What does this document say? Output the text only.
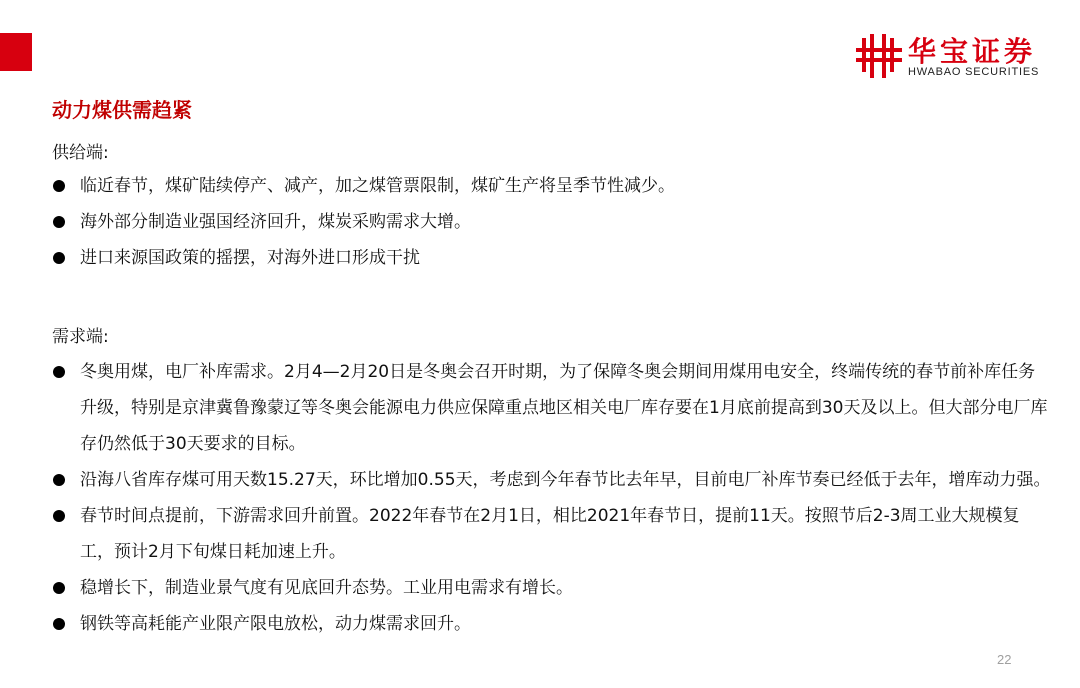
华宝证券
HWABAO SECURITIES
动力煤供需趋紧
供给端:
临近春节，煤矿陆续停产、减产，加之煤管票限制，煤矿生产将呈季节性减少。
海外部分制造业强国经济回升，煤炭采购需求大增。
进口来源国政策的摇摆，对海外进口形成干扰
需求端:
冬奥用煤，电厂补库需求。2月4—2月20日是冬奥会召开时期，为了保障冬奥会期间用煤用电安全，终端传统的春节前补库任务升级，特别是京津冀鲁豫蒙辽等冬奥会能源电力供应保障重点地区相关电厂库存要在1月底前提高到30天及以上。但大部分电厂库存仍然低于30天要求的目标。
沿海八省库存煤可用天数15.27天，环比增加0.55天，考虑到今年春节比去年早，目前电厂补库节奏已经低于去年，增库动力强。
春节时间点提前，下游需求回升前置。2022年春节在2月1日，相比2021年春节日，提前11天。按照节后2-3周工业大规模复工，预计2月下旬煤日耗加速上升。
稳增长下，制造业景气度有见底回升态势。工业用电需求有增长。
钢铁等高耗能产业限产限电放松，动力煤需求回升。
22
